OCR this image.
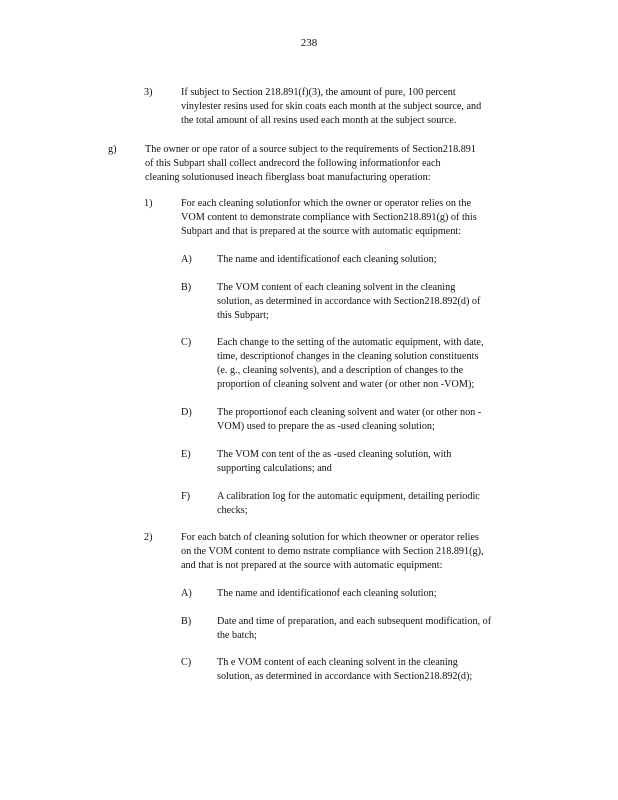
238
3)	If subject to Section 218.891(f)(3), the amount of pure, 100 percent
vinylester resins used for skin coats each month at the subject source, and
the total amount of all resins used each month at the subject source.
g)	The owner or ope rator of a source subject to the requirements of Section218.891
of this Subpart shall collect andrecord the following informationfor each
cleaning solutionused ineach fiberglass boat manufacturing operation:
1)	For each cleaning solutionfor which the owner or operator relies on the
VOM content to demonstrate compliance with Section218.891(g) of this
Subpart and that is prepared at the source with automatic equipment:
A) The name and identificationof each cleaning solution;
B)	The VOM content of each cleaning solvent in the cleaning
solution, as determined in accordance with Section218.892(d) of
this Subpart;
C)	Each change to the setting of the automatic equipment, with date,
time, descriptionof changes in the cleaning solution constituents
(e. g., cleaning solvents), and a description of changes to the
proportion of cleaning solvent and water (or other non -VOM);
D) The proportionof each cleaning solvent and water (or other non -
VOM) used to prepare the as -used cleaning solution;
E)	The VOM con tent of the as -used cleaning solution, with
supporting calculations; and
F)	A calibration log for the automatic equipment, detailing periodic
checks;
2)	For each batch of cleaning solution for which theowner or operator relies
on the VOM content to demo nstrate compliance with Section 218.891(g),
and that is not prepared at the source with automatic equipment:
A) The name and identificationof each cleaning solution;
B)	Date and time of preparation, and each subsequent modification, of
the batch;
C)	Th e VOM content of each cleaning solvent in the cleaning
solution, as determined in accordance with Section218.892(d);
